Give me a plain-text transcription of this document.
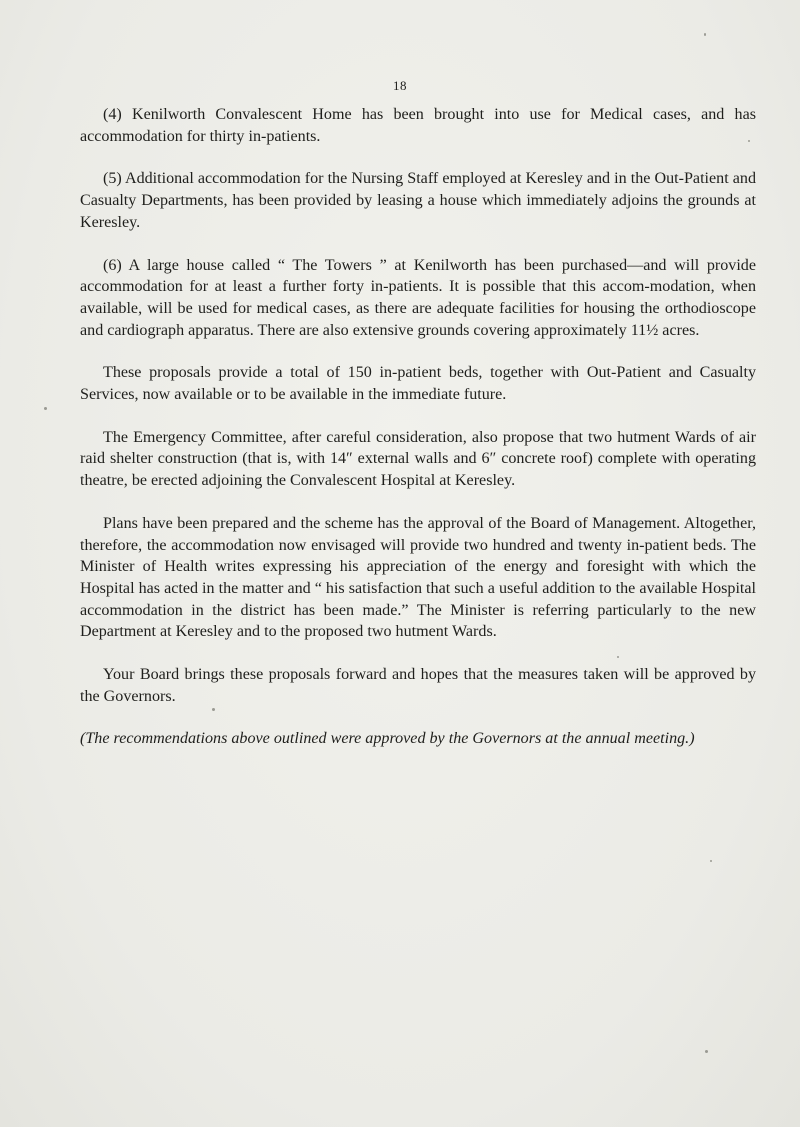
18

(4) Kenilworth Convalescent Home has been brought into use for Medical cases, and has accommodation for thirty in-patients.

(5) Additional accommodation for the Nursing Staff employed at Keresley and in the Out-Patient and Casualty Departments, has been provided by leasing a house which immediately adjoins the grounds at Keresley.

(6) A large house called “ The Towers ” at Kenilworth has been purchased—and will provide accommodation for at least a further forty in-patients. It is possible that this accom-modation, when available, will be used for medical cases, as there are adequate facilities for housing the orthodioscope and cardiograph apparatus. There are also extensive grounds covering approximately 11½ acres.

These proposals provide a total of 150 in-patient beds, together with Out-Patient and Casualty Services, now available or to be available in the immediate future.

The Emergency Committee, after careful consideration, also propose that two hutment Wards of air raid shelter construction (that is, with 14″ external walls and 6″ concrete roof) complete with operating theatre, be erected adjoining the Convalescent Hospital at Keresley.

Plans have been prepared and the scheme has the approval of the Board of Management. Altogether, therefore, the accommodation now envisaged will provide two hundred and twenty in-patient beds. The Minister of Health writes expressing his appreciation of the energy and foresight with which the Hospital has acted in the matter and “ his satisfaction that such a useful addition to the available Hospital accommodation in the district has been made.” The Minister is referring particularly to the new Department at Keresley and to the proposed two hutment Wards.

Your Board brings these proposals forward and hopes that the measures taken will be approved by the Governors.

(The recommendations above outlined were approved by the Governors at the annual meeting.)
